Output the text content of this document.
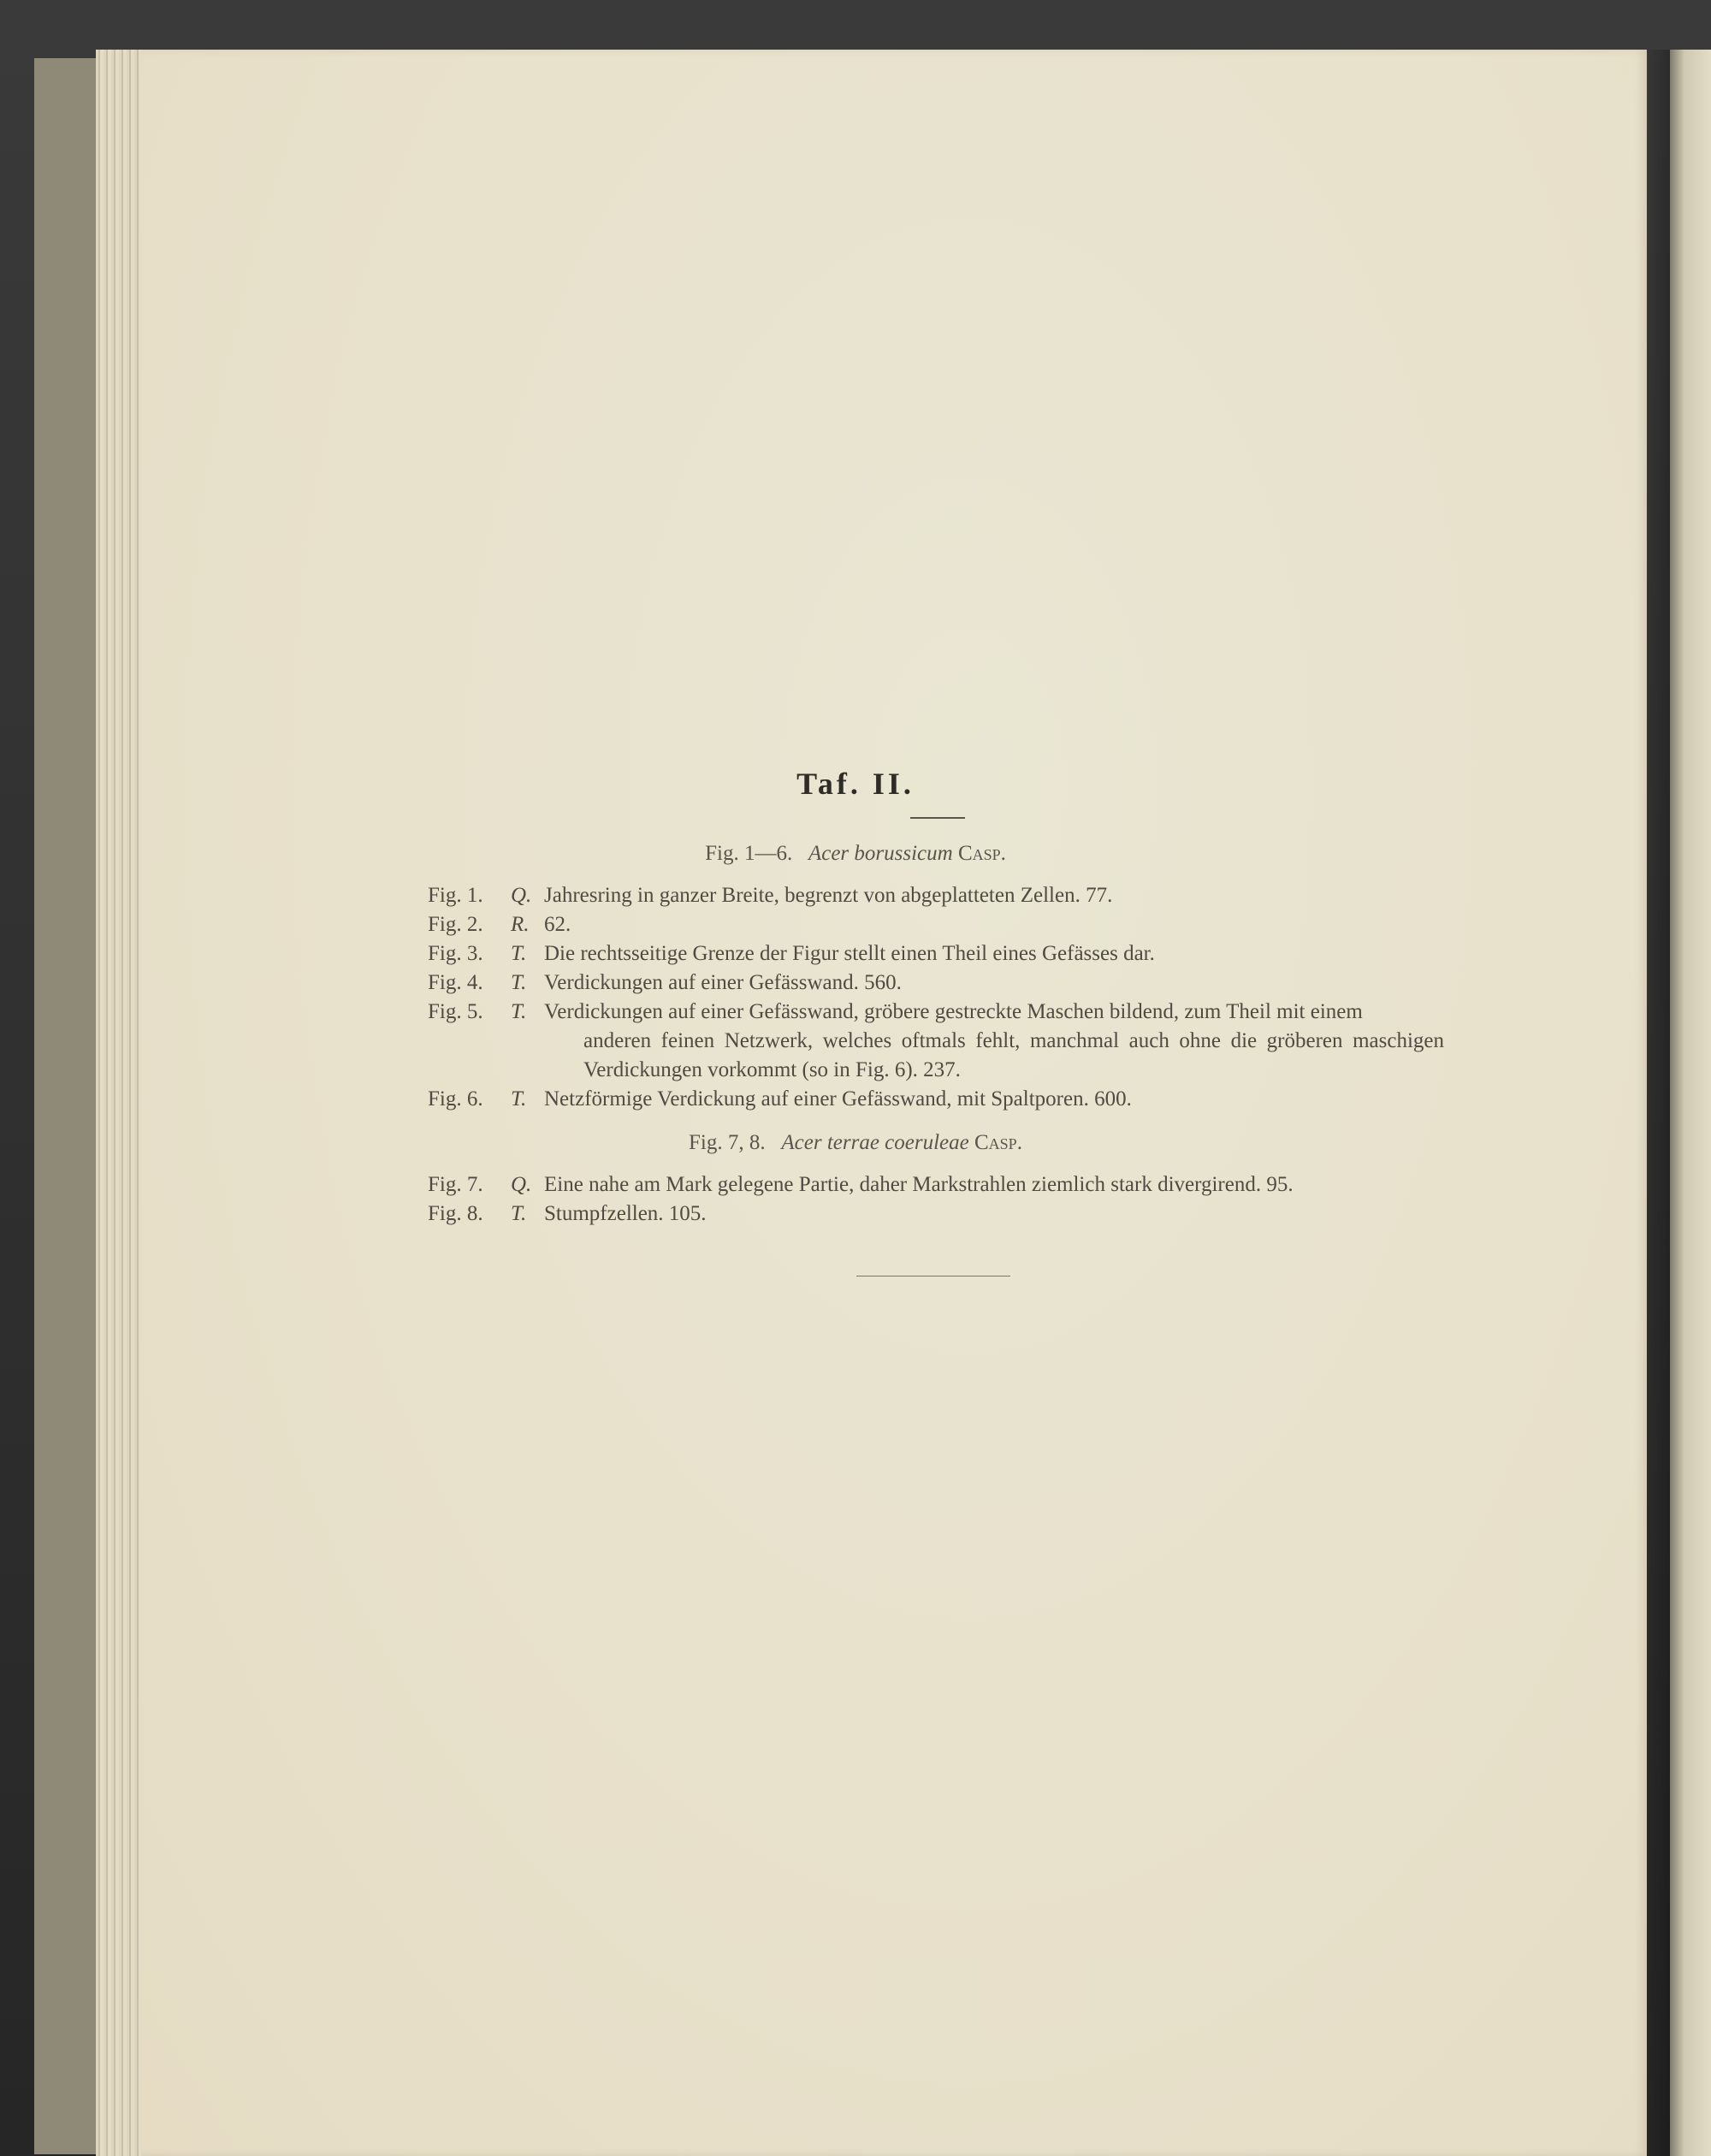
Taf. II.
Fig. 1—6. Acer borussicum Casp.
Fig. 1.	Q. Jahresring in ganzer Breite, begrenzt von abgeplatteten Zellen. 77.
Fig. 2.	R. 62.
Fig. 3.	T. Die rechtsseitige Grenze der Figur stellt einen Theil eines Gefässes dar.
Fig. 4.	T. Verdickungen auf einer Gefässwand. 560.
Fig. 5.	T. Verdickungen auf einer Gefässwand, gröbere gestreckte Maschen bildend, zum Theil mit einem
anderen feinen Netzwerk, welches oftmals fehlt, manchmal auch ohne die gröberen maschigen Verdickungen vorkommt (so in Fig. 6). 237.
Fig. 6.	T. Netzförmige Verdickung auf einer Gefässwand, mit Spaltporen. 600.
Fig. 7, 8. Acer terrae coeruleae Casp.
Fig. 7.	Q. Eine nahe am Mark gelegene Partie, daher Markstrahlen ziemlich stark divergirend. 95.
Fig. 8.	T. Stumpfzellen. 105.
